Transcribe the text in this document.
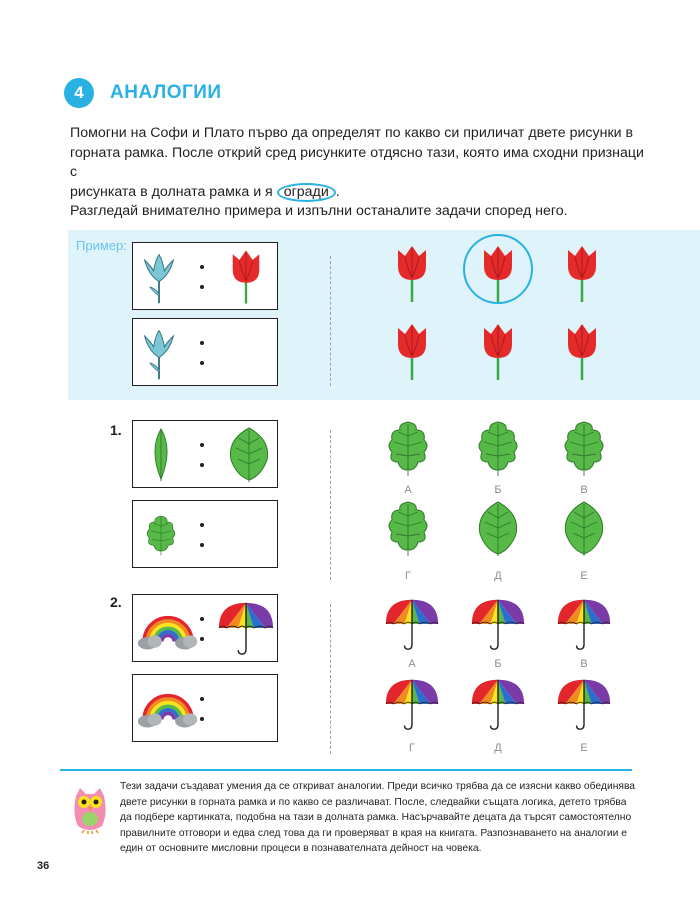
4	АНАЛОГИИ
Помогни на Софи и Плато първо да определят по какво си приличат двете рисунки в
горната рамка. После открий сред рисунките отдясно тази, която има сходни признаци с
рисунката в долната рамка и я огради .
Разгледай внимателно примера и изпълни останалите задачи според него.
Пример:
1.
А	Б	В
Г	Д	Е
2.
А	Б	В
Г	Д	Е
Тези задачи създават умения да се откриват аналогии. Преди всичко трябва да се изясни какво обединява двете рисунки в горната рамка и по какво се различават. После, следвайки същата логика, детето трябва да подбере картинката, подобна на тази в долната рамка. Насърчавайте децата да търсят самостоятелно правилните отговори и едва след това да ги проверяват в края на книгата. Разпознаването на аналогии е един от основните мисловни процеси в познавателната дейност на човека.
36
